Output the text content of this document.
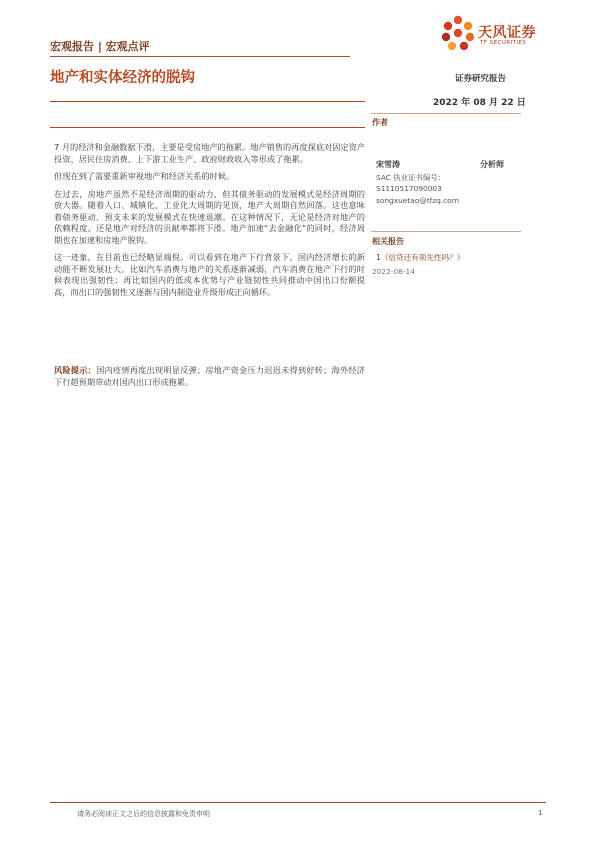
宏观报告 | 宏观点评
天风证券
TF SECURITIES
地产和实体经济的脱钩	证券研究报告
2022 年 08 月 22 日

7 月的经济和金融数据下滑，主要是受房地产的拖累。地产销售的再度探底对固定资产投资、居民住房消费、上下游工业生产、政府财政收入等形成了拖累。

但现在到了需要重新审视地产和经济关系的时候。

在过去，房地产虽然不是经济周期的驱动力，但其债务驱动的发展模式是经济周期的放大器。随着人口、城镇化、工业化大周期的见顶，地产大周期自然回落。这也意味着债务驱动、预支未来的发展模式在快速退潮。在这种情况下，无论是经济对地产的依赖程度、还是地产对经济的贡献率都将下滑。地产加速“去金融化”的同时，经济周期也在加速和房地产脱钩。

这一迹象，在目前也已经略显端倪。可以看到在地产下行背景下，国内经济增长的新动能不断发展壮大。比如汽车消费与地产的关系逐渐减弱，汽车消费在地产下行的时候表现出强韧性；再比如国内的低成本优势与产业链韧性共同推动中国出口份额提高，而出口的强韧性又逐渐与国内制造业升级形成正向循环。

风险提示：国内疫情再度出现明显反弹；房地产资金压力迟迟未得到好转；海外经济下行超预期带动对国内出口形成拖累。
作者
宋雪涛	分析师
SAC 执业证书编号：
S1110517090003
songxuetao@tfzq.com
相关报告
1《信贷还有领先性吗？》
2022-08-14
请务必阅读正文之后的信息披露和免责申明	1
